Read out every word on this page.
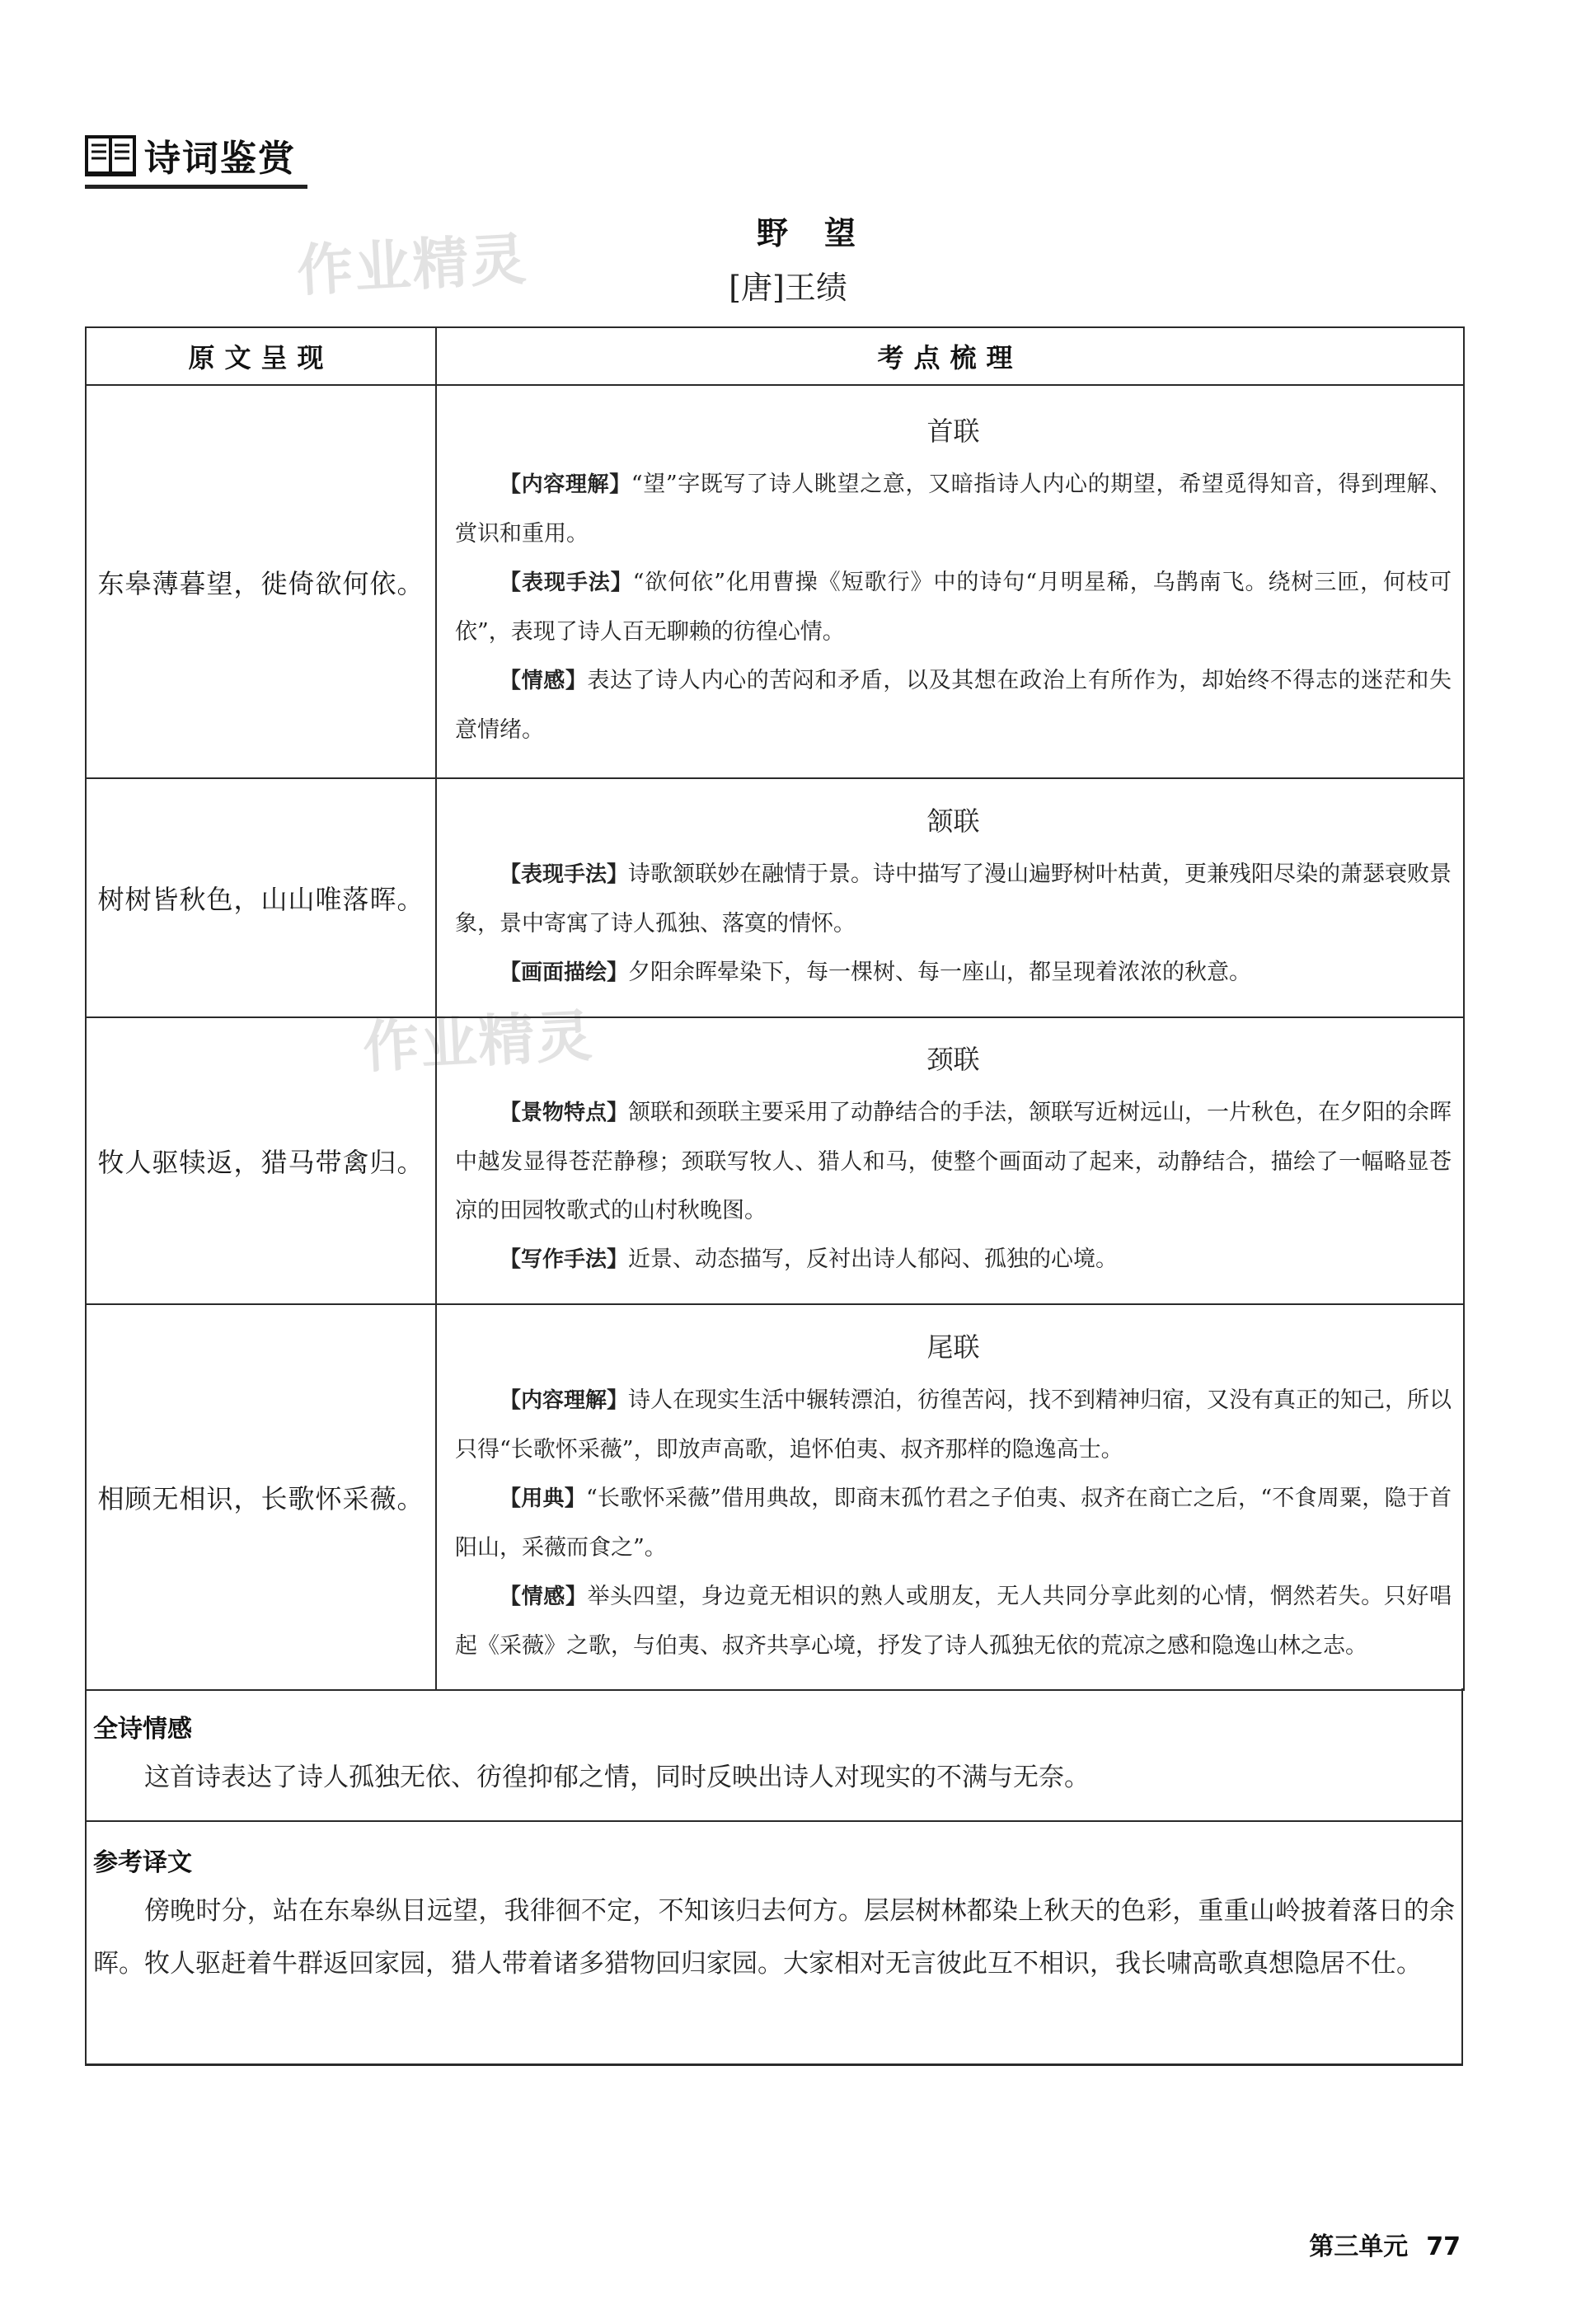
诗词鉴赏
作业精灵
作业精灵
野望
[唐]王绩
原文呈现	考点梳理
东皋薄暮望，徙倚欲何依。	首联
【内容理解】“望”字既写了诗人眺望之意，又暗指诗人内心的期望，希望觅得知音，得到理解、赏识和重用。
【表现手法】“欲何依”化用曹操《短歌行》中的诗句“月明星稀，乌鹊南飞。绕树三匝，何枝可依”，表现了诗人百无聊赖的彷徨心情。
【情感】表达了诗人内心的苦闷和矛盾，以及其想在政治上有所作为，却始终不得志的迷茫和失意情绪。

树树皆秋色，山山唯落晖。	颔联
【表现手法】诗歌颔联妙在融情于景。诗中描写了漫山遍野树叶枯黄，更兼残阳尽染的萧瑟衰败景象，景中寄寓了诗人孤独、落寞的情怀。
【画面描绘】夕阳余晖晕染下，每一棵树、每一座山，都呈现着浓浓的秋意。

牧人驱犊返，猎马带禽归。	颈联
【景物特点】颔联和颈联主要采用了动静结合的手法，颔联写近树远山，一片秋色，在夕阳的余晖中越发显得苍茫静穆；颈联写牧人、猎人和马，使整个画面动了起来，动静结合，描绘了一幅略显苍凉的田园牧歌式的山村秋晚图。
【写作手法】近景、动态描写，反衬出诗人郁闷、孤独的心境。

相顾无相识，长歌怀采薇。	尾联
【内容理解】诗人在现实生活中辗转漂泊，彷徨苦闷，找不到精神归宿，又没有真正的知己，所以只得“长歌怀采薇”，即放声高歌，追怀伯夷、叔齐那样的隐逸高士。
【用典】“长歌怀采薇”借用典故，即商末孤竹君之子伯夷、叔齐在商亡之后，“不食周粟，隐于首阳山，采薇而食之”。
【情感】举头四望，身边竟无相识的熟人或朋友，无人共同分享此刻的心情，惘然若失。只好唱起《采薇》之歌，与伯夷、叔齐共享心境，抒发了诗人孤独无依的荒凉之感和隐逸山林之志。
全诗情感
这首诗表达了诗人孤独无依、彷徨抑郁之情，同时反映出诗人对现实的不满与无奈。
参考译文
傍晚时分，站在东皋纵目远望，我徘徊不定，不知该归去何方。层层树林都染上秋天的色彩，重重山岭披着落日的余晖。牧人驱赶着牛群返回家园，猎人带着诸多猎物回归家园。大家相对无言彼此互不相识，我长啸高歌真想隐居不仕。
第三单元 77
